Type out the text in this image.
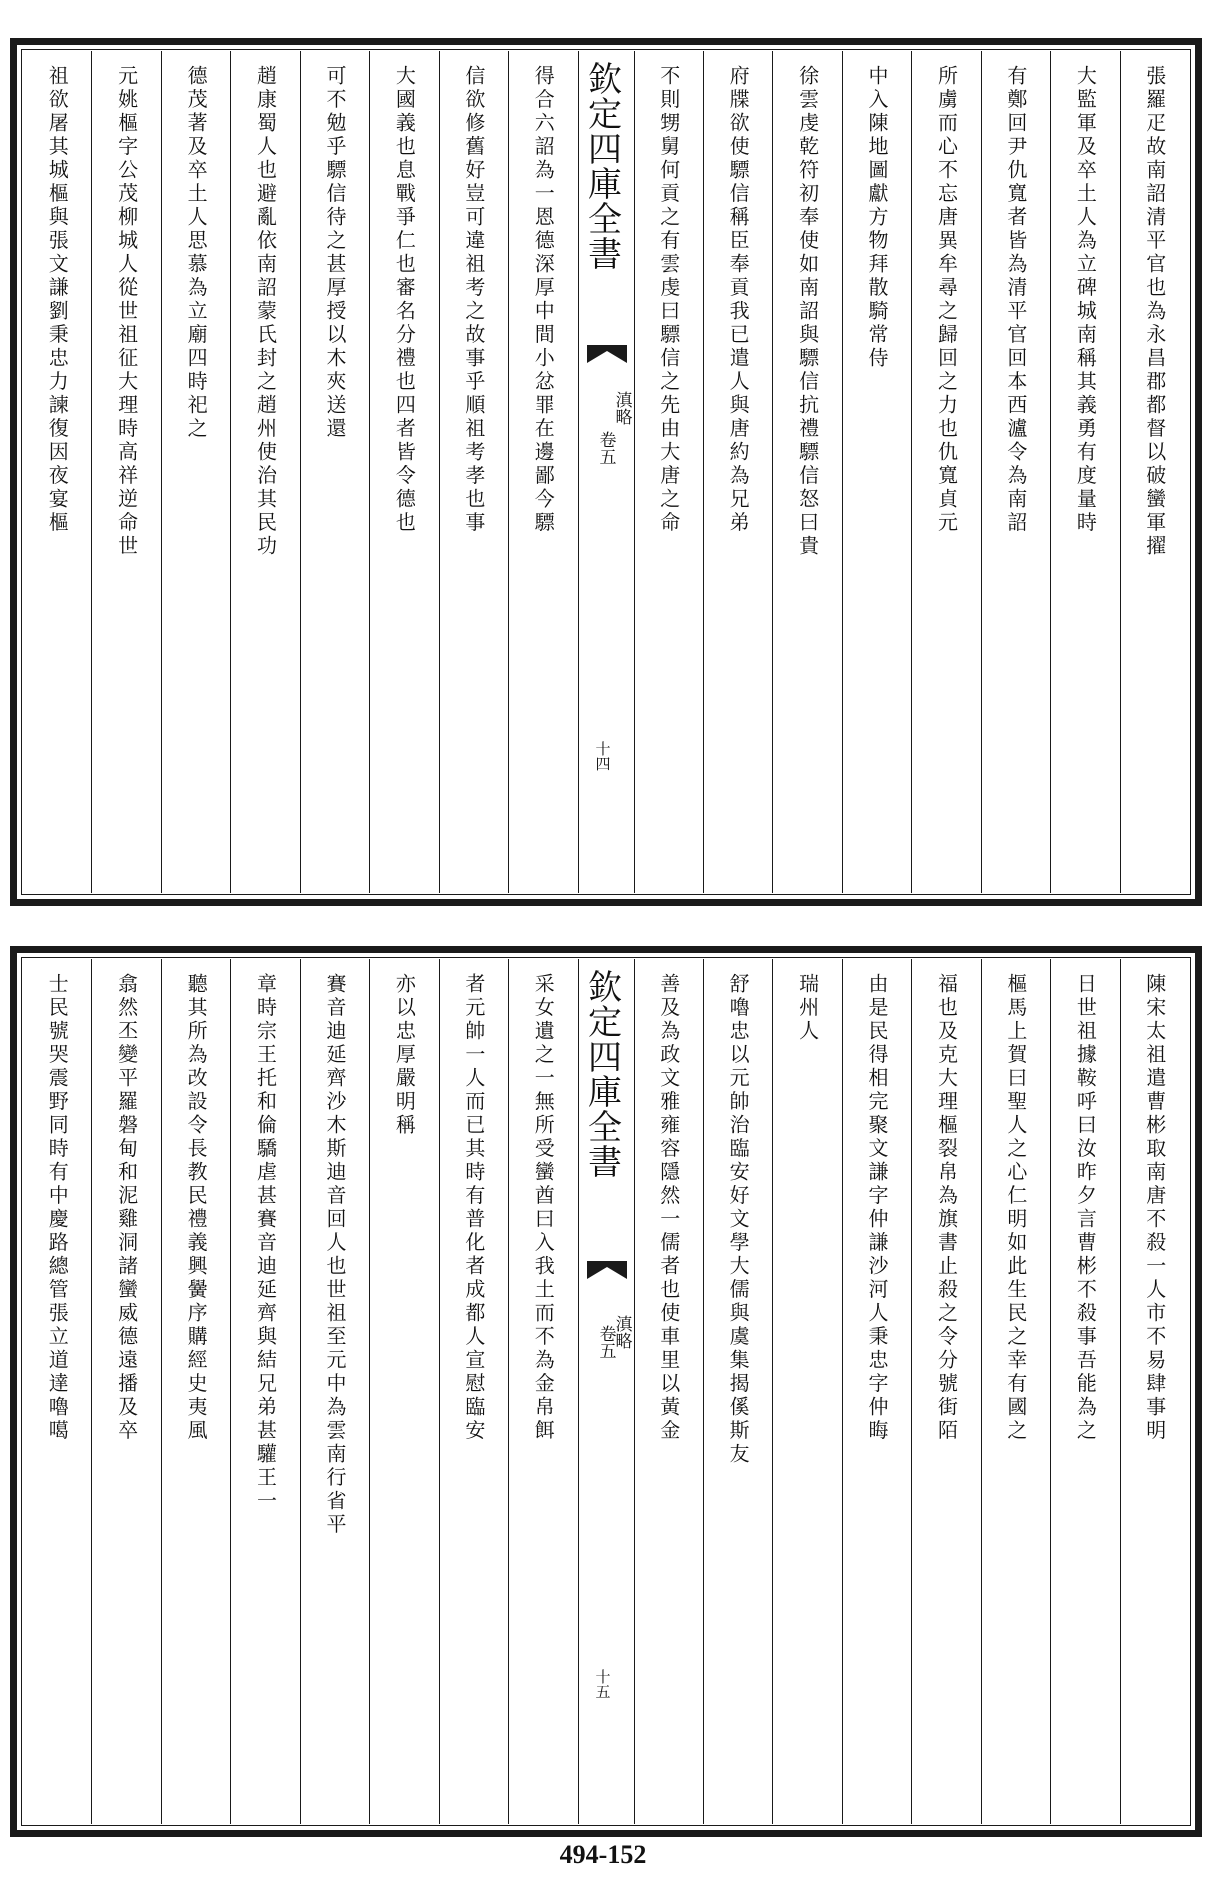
張羅疋故南詔清平官也為永昌郡都督以破蠻軍擢
大監軍及卒土人為立碑城南稱其義勇有度量時
有鄭回尹仇寬者皆為清平官回本西瀘令為南詔
所虜而心不忘唐異牟尋之歸回之力也仇寬貞元
中入陳地圖獻方物拜散騎常侍
徐雲虔乾符初奉使如南詔與驃信抗禮驃信怒曰貴
府牒欲使驃信稱臣奉貢我已遣人與唐約為兄弟
不則甥舅何貢之有雲虔曰驃信之先由大唐之命
欽定四庫全書
滇略
卷五
十四
得合六詔為一恩德深厚中間小忿罪在邊鄙今驃
信欲修舊好豈可違祖考之故事乎順祖考孝也事
大國義也息戰爭仁也審名分禮也四者皆令德也
可不勉乎驃信待之甚厚授以木夾送還
趙康蜀人也避亂依南詔蒙氏封之趙州使治其民功
德茂著及卒土人思慕為立廟四時祀之
元姚樞字公茂柳城人從世祖征大理時高祥逆命世
祖欲屠其城樞與張文謙劉秉忠力諫復因夜宴樞
陳宋太祖遣曹彬取南唐不殺一人市不易肆事明
日世祖據鞍呼曰汝昨夕言曹彬不殺事吾能為之
樞馬上賀曰聖人之心仁明如此生民之幸有國之
福也及克大理樞裂帛為旗書止殺之令分號街陌
由是民得相完聚文謙字仲謙沙河人秉忠字仲晦
瑞州人
舒嚕忠以元帥治臨安好文學大儒與虞集揭傒斯友
善及為政文雅雍容隱然一儒者也使車里以黃金
欽定四庫全書
滇略
卷五
十五
采女遺之一無所受蠻酋曰入我土而不為金帛餌
者元帥一人而已其時有普化者成都人宣慰臨安
亦以忠厚嚴明稱
賽音迪延齊沙木斯迪音回人也世祖至元中為雲南行省平
章時宗王托和倫驕虐甚賽音迪延齊與結兄弟甚驩王一
聽其所為改設令長教民禮義興黌序購經史夷風
翕然丕變平羅磐甸和泥雞洞諸蠻威德遠播及卒
士民號哭震野同時有中慶路總管張立道達嚕噶
494-152
